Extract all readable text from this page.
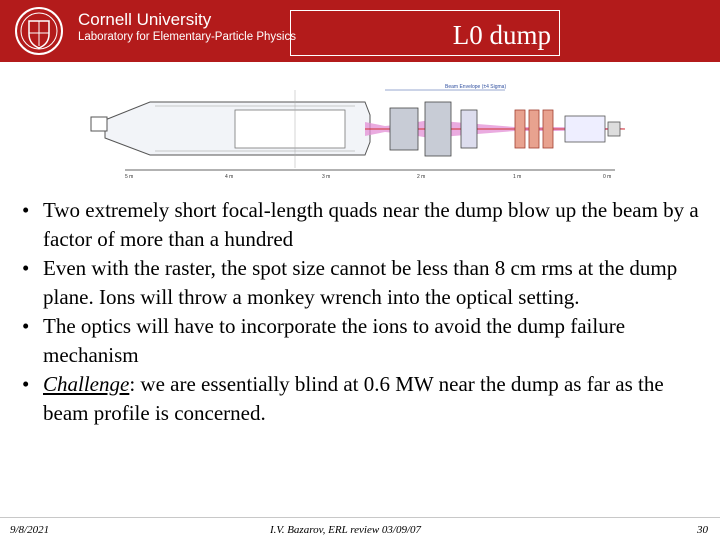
Cornell University
Laboratory for Elementary-Particle Physics	L0 dump
Beam Envelope (±4 Sigma)
5 m	4 m	3 m	2 m	1 m	0 m
• Two extremely short focal-length quads near the dump blow up the beam by a factor of more than a hundred
• Even with the raster, the spot size cannot be less than 8 cm rms at the dump plane. Ions will throw a monkey wrench into the optical setting.
• The optics will have to incorporate the ions to avoid the dump failure mechanism
• Challenge: we are essentially blind at 0.6 MW near the dump as far as the beam profile is concerned.
9/8/2021	I.V. Bazarov, ERL review 03/09/07	30
